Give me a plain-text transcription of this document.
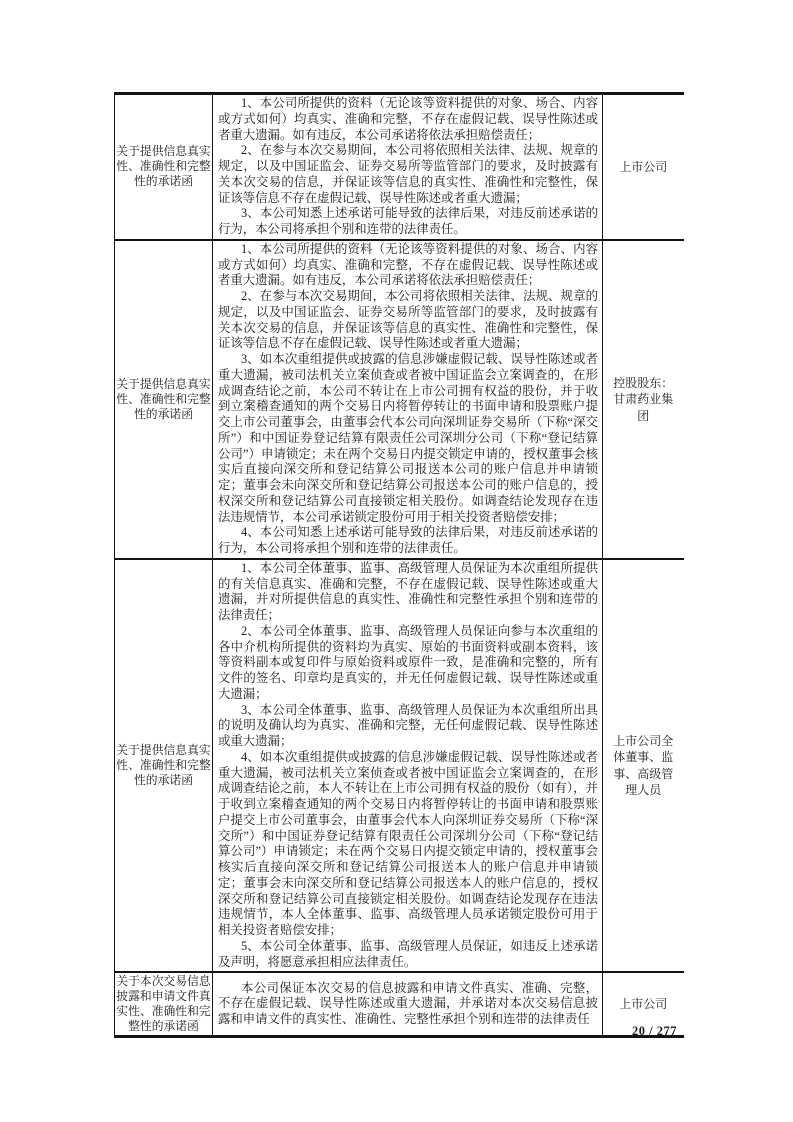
关于提供信息真实性、准确性和完整性的承诺函	1、本公司所提供的资料（无论该等资料提供的对象、场合、内容或方式如何）均真实、准确和完整，不存在虚假记载、误导性陈述或者重大遗漏。如有违反，本公司承诺将依法承担赔偿责任；

2、在参与本次交易期间，本公司将依照相关法律、法规、规章的规定，以及中国证监会、证券交易所等监管部门的要求，及时披露有关本次交易的信息，并保证该等信息的真实性、准确性和完整性，保证该等信息不存在虚假记载、误导性陈述或者重大遗漏；

3、本公司知悉上述承诺可能导致的法律后果，对违反前述承诺的行为，本公司将承担个别和连带的法律责任。	上市公司

关于提供信息真实性、准确性和完整性的承诺函	1、本公司所提供的资料（无论该等资料提供的对象、场合、内容或方式如何）均真实、准确和完整，不存在虚假记载、误导性陈述或者重大遗漏。如有违反，本公司承诺将依法承担赔偿责任；

2、在参与本次交易期间，本公司将依照相关法律、法规、规章的规定，以及中国证监会、证券交易所等监管部门的要求，及时披露有关本次交易的信息，并保证该等信息的真实性、准确性和完整性，保证该等信息不存在虚假记载、误导性陈述或者重大遗漏；

3、如本次重组提供或披露的信息涉嫌虚假记载、误导性陈述或者重大遗漏，被司法机关立案侦查或者被中国证监会立案调查的，在形成调查结论之前，本公司不转让在上市公司拥有权益的股份，并于收到立案稽查通知的两个交易日内将暂停转让的书面申请和股票账户提交上市公司董事会，由董事会代本公司向深圳证券交易所（下称“深交所”）和中国证券登记结算有限责任公司深圳分公司（下称“登记结算公司”）申请锁定；未在两个交易日内提交锁定申请的，授权董事会核实后直接向深交所和登记结算公司报送本公司的账户信息并申请锁定；董事会未向深交所和登记结算公司报送本公司的账户信息的，授权深交所和登记结算公司直接锁定相关股份。如调查结论发现存在违法违规情节，本公司承诺锁定股份可用于相关投资者赔偿安排；

4、本公司知悉上述承诺可能导致的法律后果，对违反前述承诺的行为，本公司将承担个别和连带的法律责任。	控股股东：甘肃药业集团

关于提供信息真实性、准确性和完整性的承诺函	1、本公司全体董事、监事、高级管理人员保证为本次重组所提供的有关信息真实、准确和完整，不存在虚假记载、误导性陈述或重大遗漏，并对所提供信息的真实性、准确性和完整性承担个别和连带的法律责任；

2、本公司全体董事、监事、高级管理人员保证向参与本次重组的各中介机构所提供的资料均为真实、原始的书面资料或副本资料，该等资料副本或复印件与原始资料或原件一致，是准确和完整的，所有文件的签名、印章均是真实的，并无任何虚假记载、误导性陈述或重大遗漏；

3、本公司全体董事、监事、高级管理人员保证为本次重组所出具的说明及确认均为真实、准确和完整，无任何虚假记载、误导性陈述或重大遗漏；

4、如本次重组提供或披露的信息涉嫌虚假记载、误导性陈述或者重大遗漏，被司法机关立案侦查或者被中国证监会立案调查的，在形成调查结论之前，本人不转让在上市公司拥有权益的股份（如有），并于收到立案稽查通知的两个交易日内将暂停转让的书面申请和股票账户提交上市公司董事会，由董事会代本人向深圳证券交易所（下称“深交所”）和中国证券登记结算有限责任公司深圳分公司（下称“登记结算公司”）申请锁定；未在两个交易日内提交锁定申请的，授权董事会核实后直接向深交所和登记结算公司报送本人的账户信息并申请锁定；董事会未向深交所和登记结算公司报送本人的账户信息的，授权深交所和登记结算公司直接锁定相关股份。如调查结论发现存在违法违规情节，本人全体董事、监事、高级管理人员承诺锁定股份可用于相关投资者赔偿安排；

5、本公司全体董事、监事、高级管理人员保证，如违反上述承诺及声明，将愿意承担相应法律责任。	上市公司全体董事、监事、高级管理人员

关于本次交易信息披露和申请文件真实性、准确性和完整性的承诺函	本公司保证本次交易的信息披露和申请文件真实、准确、完整，不存在虚假记载、误导性陈述或重大遗漏，并承诺对本次交易信息披露和申请文件的真实性、准确性、完整性承担个别和连带的法律责任	上市公司
20 / 277
